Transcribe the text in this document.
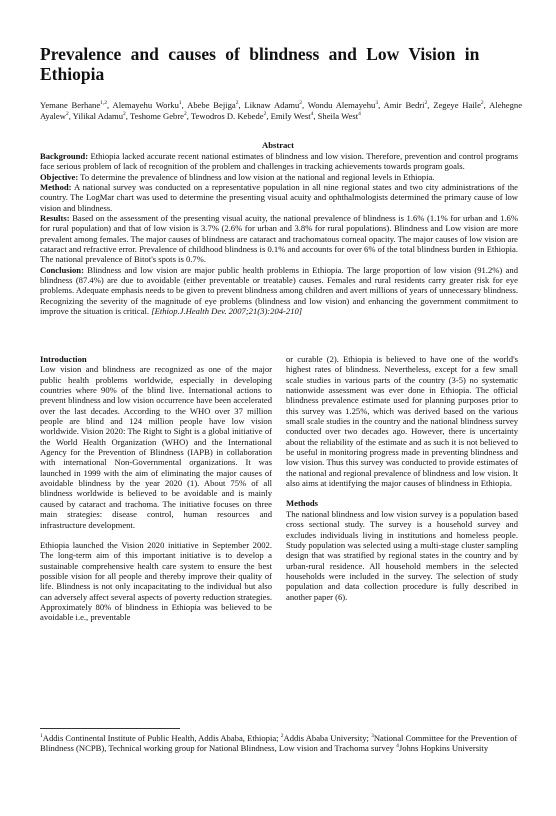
Prevalence and causes of blindness and Low Vision in Ethiopia
Yemane Berhane$^{1,2}$, Alemayehu Worku$^1$, Abebe Bejiga$^2$, Liknaw Adamu$^2$, Wondu Alemayehu$^3$, Amir Bedri$^2$, Zegeye Haile$^2$, Alehegne Ayalew$^2$, Yilikal Adamu$^2$, Teshome Gebre$^2$, Tewodros D. Kebede$^2$, Emily West$^4$, Sheila West$^4$
Abstract

Background: Ethiopia lacked accurate recent national estimates of blindness and low vision. Therefore, prevention and control programs face serious problem of lack of recognition of the problem and challenges in tracking achievements towards program goals.

Objective: To determine the prevalence of blindness and low vision at the national and regional levels in Ethiopia.

Method: A national survey was conducted on a representative population in all nine regional states and two city administrations of the country. The LogMar chart was used to determine the presenting visual acuity and ophthalmologists determined the primary cause of low vision and blindness.

Results: Based on the assessment of the presenting visual acuity, the national prevalence of blindness is 1.6% (1.1% for urban and 1.6% for rural population) and that of low vision is 3.7% (2.6% for urban and 3.8% for rural populations). Blindness and Low vision are more prevalent among females. The major causes of blindness are cataract and trachomatous corneal opacity. The major causes of low vision are cataract and refractive error. Prevalence of childhood blindness is 0.1% and accounts for over 6% of the total blindness burden in Ethiopia. The national prevalence of Bitot's spots is 0.7%.

Conclusion: Blindness and low vision are major public health problems in Ethiopia. The large proportion of low vision (91.2%) and blindness (87.4%) are due to avoidable (either preventable or treatable) causes. Females and rural residents carry greater risk for eye problems. Adequate emphasis needs to be given to prevent blindness among children and avert millions of years of unnecessary blindness. Recognizing the severity of the magnitude of eye problems (blindness and low vision) and enhancing the government commitment to improve the situation is critical. [Ethiop.J.Health Dev. 2007;21(3):204-210]

Introduction

Low vision and blindness are recognized as one of the major public health problems worldwide, especially in developing countries where 90% of the blind live. International actions to prevent blindness and low vision occurrence have been accelerated over the last decades. According to the WHO over 37 million people are blind and 124 million people have low vision worldwide. Vision 2020: The Right to Sight is a global initiative of the World Health Organization (WHO) and the International Agency for the Prevention of Blindness (IAPB) in collaboration with international Non-Governmental organizations. It was launched in 1999 with the aim of eliminating the major causes of avoidable blindness by the year 2020 (1). About 75% of all blindness worldwide is believed to be avoidable and is mainly caused by cataract and trachoma. The initiative focuses on three main strategies: disease control, human resources and infrastructure development.

Ethiopia launched the Vision 2020 initiative in September 2002. The long-term aim of this important initiative is to develop a sustainable comprehensive health care system to ensure the best possible vision for all people and thereby improve their quality of life. Blindness is not only incapacitating to the individual but also can adversely affect several aspects of poverty reduction strategies. Approximately 80% of blindness in Ethiopia was believed to be avoidable i.e., preventable

or curable (2). Ethiopia is believed to have one of the world's highest rates of blindness. Nevertheless, except for a few small scale studies in various parts of the country (3-5) no systematic nationwide assessment was ever done in Ethiopia. The official blindness prevalence estimate used for planning purposes prior to this survey was 1.25%, which was derived based on the various small scale studies in the country and the national blindness survey conducted over two decades ago. However, there is uncertainty about the reliability of the estimate and as such it is not believed to be useful in monitoring progress made in preventing blindness and low vision. Thus this survey was conducted to provide estimates of the national and regional prevalence of blindness and low vision. It also aims at identifying the major causes of blindness in Ethiopia.

Methods

The national blindness and low vision survey is a population based cross sectional study. The survey is a household survey and excludes individuals living in institutions and homeless people. Study population was selected using a multi-stage cluster sampling design that was stratified by regional states in the country and by urban-rural residence. All household members in the selected households were included in the survey. The selection of study population and data collection procedure is fully described in another paper (6).

$^1$Addis Continental Institute of Public Health, Addis Ababa, Ethiopia; $^2$Addis Ababa University; $^3$National Committee for the Prevention of Blindness (NCPB), Technical working group for National Blindness, Low vision and Trachoma survey $^4$Johns Hopkins University
